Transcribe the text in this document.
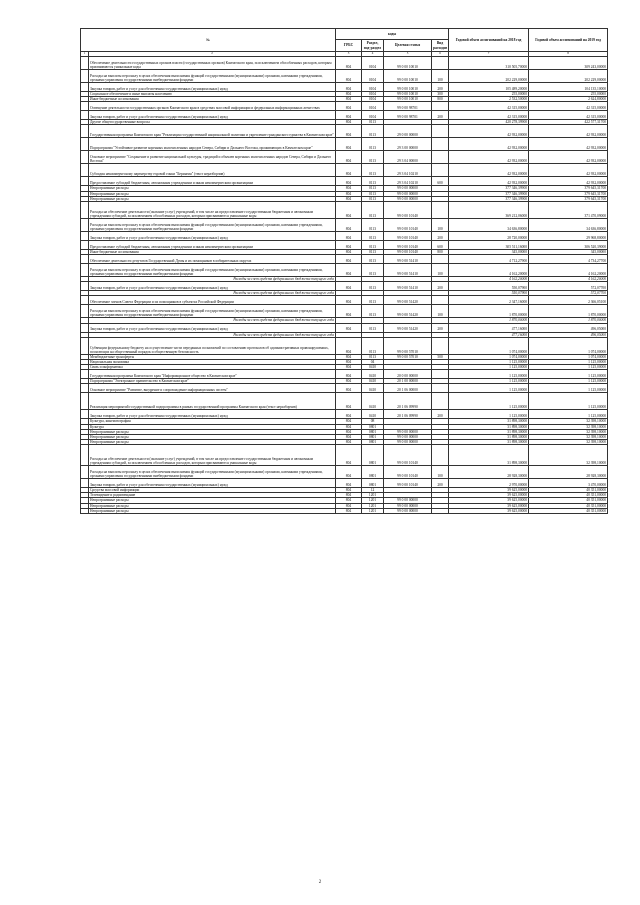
№		коды				Годовой объем ассигнований на 2018 год	Годовой объем ассигнований на 2019 год
		ГРБС	Раздел, под-раздел	Целевая статья	Вид расходов		
1	2	3	4	5	6	7	8
	Обеспечение деятельности государственных органов власти (государственных органов) Камчатского края, за исключением обособленных расходов, которым присваиваются уникальные коды	804	0104	99 0 00 10010		310 505,70000	309 243,00000
	Расходы на выплаты персоналу в целях обеспечения выполнения функций государственными (муниципальными) органами, казенными учреждениями, органами управления государственными внебюджетными фондами	804	0104	99 0 00 10010	100	202 229,00000	202 229,00000
	Закупка товаров, работ и услуг для обеспечения государственных (муниципальных) нужд	804	0104	99 0 00 10010	200	105 489,20000	104 135,10000
	Социальное обеспечение и иные выплаты населению	804	0104	99 0 00 10010	300	255,00000	255,00000
	Иные бюджетные ассигнования	804	0104	99 0 00 10010	800	2 532,50000	2 624,80000
	Освещение деятельности государственных органов Камчатского края в средствах массовой информации и федеральных информационных агентствах	804	0104	99 0 00 98701		42 315,00000	42 315,00000
	Закупка товаров, работ и услуг для обеспечения государственных (муниципальных) нужд	804	0104	99 0 00 98701	200	42 315,00000	42 315,00000
	Другие общегосударственные вопросы	804	0113			420 278,39900	422 577,31700
	Государственная программа Камчатского края "Реализация государственной национальной политики и укрепление гражданского единства в Камчатском крае"	804	0113	29 0 00 00000		42 932,00000	42 932,00000
	Подпрограмма "Устойчивое развитие коренных малочисленных народов Севера, Сибири и Дальнего Востока, проживающих в Камчатском крае"	804	0113	29 3 00 00000		42 932,00000	42 932,00000
	Основное мероприятие "Сохранение и развитие национальной культуры, традиций и обычаев коренных малочисленных народов Севера, Сибири и Дальнего Востока"	804	0113	29 3 04 00000		42 932,00000	42 932,00000
	Субсидия некоммерческому партнерству ездовой гонки "Берингия" (текст неразборчив)	804	0113	29 3 04 10210		42 932,00000	42 932,00000
	Предоставление субсидий бюджетным, автономным учреждениям и иным некоммерческим организациям	804	0113	29 3 04 10210	600	42 932,00000	42 932,00000
	Непрограммные расходы	804	0113	99 0 00 00000		377 346,39900	379 645,31700
	Непрограммные расходы	804	0113	99 0 00 00000		377 346,39900	379 645,31700
	Непрограммные расходы	804	0113	99 0 00 00000		377 346,39900	379 645,31700
	Расходы на обеспечение деятельности (оказание услуг) учреждений, в том числе на предоставление государственным бюджетным и автономным учреждениям субсидий, за исключением обособленных расходов, которым присваиваются уникальные коды	804	0113	99 0 00 10140		369 212,06000	371 470,09000
	Расходы на выплаты персоналу в целях обеспечения выполнения функций государственными (муниципальными) органами, казенными учреждениями, органами управления государственными внебюджетными фондами	804	0113	99 0 00 10140	100	34 636,80000	34 636,80000
	Закупка товаров, работ и услуг для обеспечения государственных (муниципальных) нужд	804	0113	99 0 00 10140	200	28 720,00000	29 968,80000
	Предоставление субсидий бюджетным, автономным учреждениям и иным некоммерческим организациям	804	0113	99 0 00 10140	600	305 511,16000	306 520,39000
	Иные бюджетные ассигнования	804	0113	99 0 00 10140	800	345,00000	345,00000
	Обеспечение деятельности депутатов Государственной Думы и их помощников в избирательных округах	804	0113	99 0 00 51410		4 712,27900	4 734,27700
	Расходы на выплаты персоналу в целях обеспечения выполнения функций государственными (муниципальными) органами, казенными учреждениями, органами управления государственными внебюджетными фондами	804	0113	99 0 00 51410	100	4 162,20000	4 162,20000
	Расходы за счет средств федерального бюджета текущего года					4 162,20000	4 162,20000
	Закупка товаров, работ и услуг для обеспечения государственных (муниципальных) нужд	804	0113	99 0 00 51410	200	550,07900	572,07700
	Расходы за счет средств федерального бюджета текущего года					550,07900	572,07700
	Обеспечение членов Совета Федерации и их помощников в субъектах Российской Федерации	804	0113	99 0 00 51420		2 347,16000	2 366,05100
	Расходы на выплаты персоналу в целях обеспечения выполнения функций государственными (муниципальными) органами, казенными учреждениями, органами управления государственными внебюджетными фондами	804	0113	99 0 00 51420	100	1 870,00000	1 870,00000
	Расходы за счет средств федерального бюджета текущего года					1 870,00000	1 870,00000
	Закупка товаров, работ и услуг для обеспечения государственных (муниципальных) нужд	804	0113	99 0 00 51420	200	477,16000	496,05000
	Расходы за счет средств федерального бюджета текущего года					477,16000	496,05000
	Субвенции федеральному бюджету на осуществление части переданных полномочий по составлению протоколов об административных правонарушениях, посягающих на общественный порядок и общественную безопасность	804	0113	99 0 00 57010		1 074,00000	1 074,00000
	Межбюджетные трансферты	804	0113	99 0 00 57010	500	1 074,00000	1 074,00000
	Национальная экономика	804	04			1 125,00000	1 125,00000
	Связь и информатика	804	0410			1 125,00000	1 125,00000
	Государственная программа Камчатского края "Информационное общество в Камчатском крае"	804	0410	20 0 00 00000		1 125,00000	1 125,00000
	Подпрограмма "Электронное правительство в Камчатском крае"	804	0410	20 1 00 00000		1 125,00000	1 125,00000
	Основное мероприятие "Развитие, внедрение и сопровождение информационных систем"	804	0410	20 1 06 00000		1 125,00000	1 125,00000
	Реализация мероприятий государственной подпрограммы в рамках государственной программы Камчатского края (текст неразборчив)	804	0410	20 1 06 09990		1 125,00000	1 125,00000
	Закупка товаров, работ и услуг для обеспечения государственных (муниципальных) нужд	804	0410	20 1 06 09990	200	1 125,00000	1 125,00000
	Культура, кинематография	804	08			31 898,30000	32 398,10000
	Культура	804	0801			31 898,30000	32 398,10000
	Непрограммные расходы	804	0801	99 0 00 00000		31 898,30000	32 398,10000
	Непрограммные расходы	804	0801	99 0 00 00000		31 898,30000	32 398,10000
	Непрограммные расходы	804	0801	99 0 00 00000		31 898,30000	32 398,10000
	Расходы на обеспечение деятельности (оказание услуг) учреждений, в том числе на предоставление государственным бюджетным и автономным учреждениям субсидий, за исключением обособленных расходов, которым присваиваются уникальные коды	804	0801	99 0 00 10140		31 898,30000	32 398,10000
	Расходы на выплаты персоналу в целях обеспечения выполнения функций государственными (муниципальными) органами, казенными учреждениями, органами управления государственными внебюджетными фондами	804	0801	99 0 00 10140	100	28 928,30000	28 928,30000
	Закупка товаров, работ и услуг для обеспечения государственных (муниципальных) нужд	804	0801	99 0 00 10140	200	2 970,00000	3 470,00000
	Средства массовой информации	804	12			39 625,00000	40 351,00000
	Телевидение и радиовещание	804	1201			39 625,00000	40 351,00000
	Непрограммные расходы	804	1201	99 0 00 00000		39 625,00000	40 351,00000
	Непрограммные расходы	804	1201	99 0 00 00000		39 625,00000	40 351,00000
	Непрограммные расходы	804	1201	99 0 00 00000		39 625,00000	40 351,00000
2
